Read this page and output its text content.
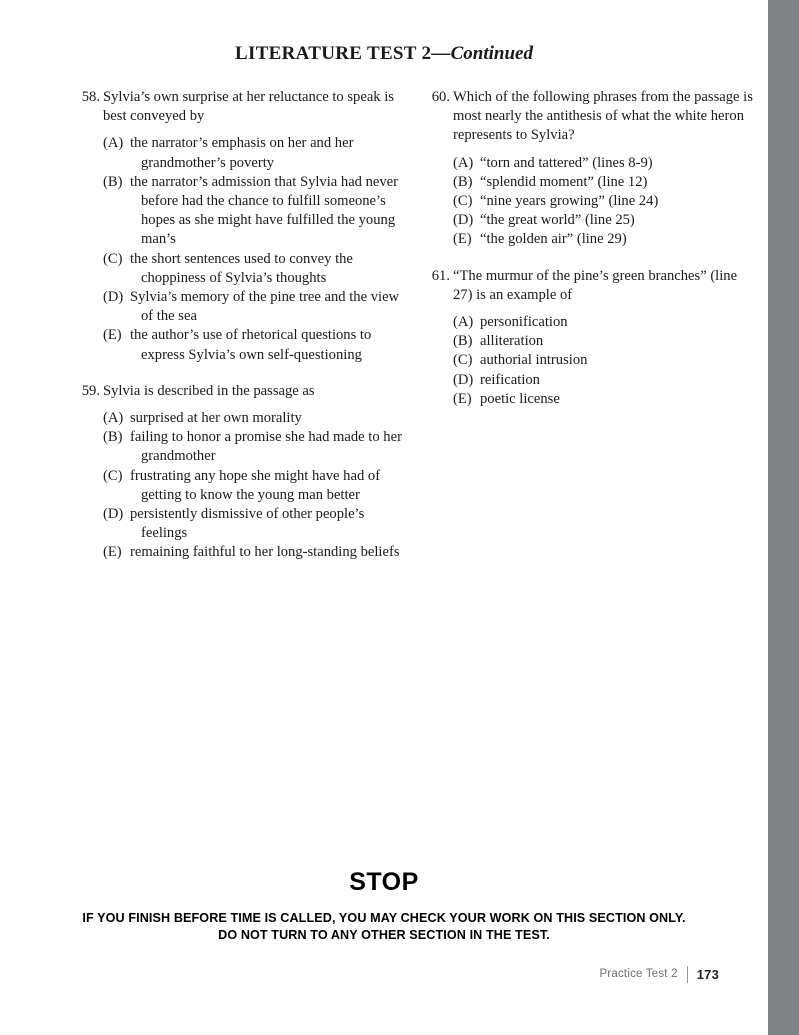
LITERATURE TEST 2—Continued
58. Sylvia’s own surprise at her reluctance to speak is best conveyed by
(A) the narrator’s emphasis on her and her grandmother’s poverty
(B) the narrator’s admission that Sylvia had never before had the chance to fulfill someone’s hopes as she might have fulfilled the young man’s
(C) the short sentences used to convey the choppiness of Sylvia’s thoughts
(D) Sylvia’s memory of the pine tree and the view of the sea
(E) the author’s use of rhetorical questions to express Sylvia’s own self-questioning
59. Sylvia is described in the passage as
(A) surprised at her own morality
(B) failing to honor a promise she had made to her grandmother
(C) frustrating any hope she might have had of getting to know the young man better
(D) persistently dismissive of other people’s feelings
(E) remaining faithful to her long-standing beliefs
60. Which of the following phrases from the passage is most nearly the antithesis of what the white heron represents to Sylvia?
(A) “torn and tattered” (lines 8-9)
(B) “splendid moment” (line 12)
(C) “nine years growing” (line 24)
(D) “the great world” (line 25)
(E) “the golden air” (line 29)
61. “The murmur of the pine’s green branches” (line 27) is an example of
(A) personification
(B) alliteration
(C) authorial intrusion
(D) reification
(E) poetic license
STOP
IF YOU FINISH BEFORE TIME IS CALLED, YOU MAY CHECK YOUR WORK ON THIS SECTION ONLY.
DO NOT TURN TO ANY OTHER SECTION IN THE TEST.
Practice Test 2 173
